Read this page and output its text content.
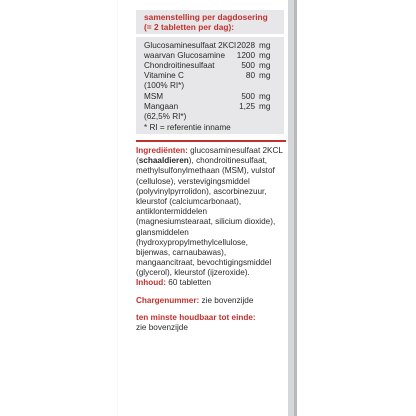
samenstelling per dagdosering
(= 2 tabletten per dag):
Glucosaminesulfaat 2KCl 2028 mg
waarvan Glucosamine 1200 mg
Chondroitinesulfaat	500 mg
Vitamine C	80 mg
(100% RI*)
MSM	500 mg
Mangaan	1,25 mg
(62,5% RI*)
* RI = referentie inname
Ingrediënten: glucosaminesulfaat 2KCL (schaaldieren), chondroitinesulfaat, methylsulfonylmethaan (MSM), vulstof (cellulose), verstevigingsmiddel (polyvinylpyrrolidon), ascorbinezuur, kleurstof (calciumcarbonaat), antiklontermiddelen (magnesiumstearaat, silicium dioxide), glansmiddelen (hydroxypropylmethylcellulose, bijenwas, carnaubawas), mangaancitraat, bevochtigingsmiddel (glycerol), kleurstof (ijzeroxide).
Inhoud: 60 tabletten
Chargenummer: zie bovenzijde
ten minste houdbaar tot einde:
zie bovenzijde
